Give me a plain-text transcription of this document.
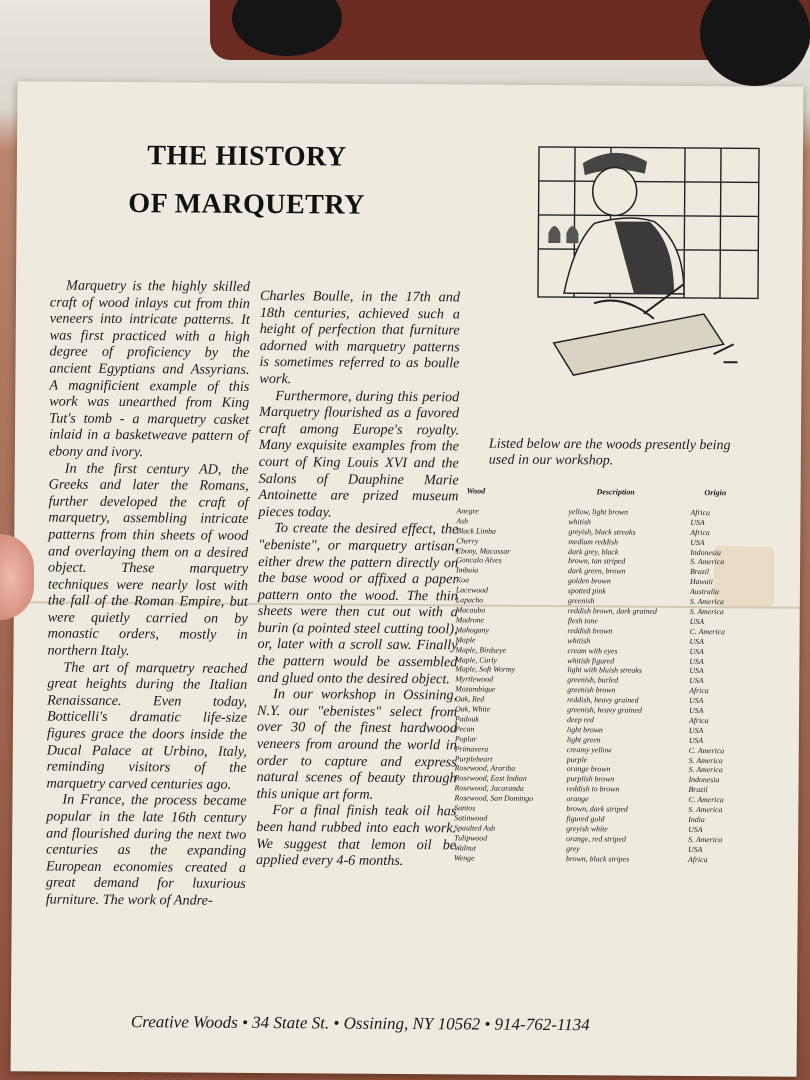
THE HISTORY
OF MARQUETRY

Marquetry is the highly skilled craft of wood inlays cut from thin veneers into intricate patterns. It was first practiced with a high degree of proficiency by the ancient Egyptians and Assyrians. A magnificient example of this work was unearthed from King Tut's tomb - a marquetry casket inlaid in a basketweave pattern of ebony and ivory.

In the first century AD, the Greeks and later the Romans, further developed the craft of marquetry, assembling intricate patterns from thin sheets of wood and overlaying them on a desired object. These marquetry techniques were nearly lost with the fall of the Roman Empire, but were quietly carried on by monastic orders, mostly in northern Italy.

The art of marquetry reached great heights during the Italian Renaissance. Even today, Botticelli's dramatic life-size figures grace the doors inside the Ducal Palace at Urbino, Italy, reminding visitors of the marquetry carved centuries ago.

In France, the process became popular in the late 16th century and flourished during the next two centuries as the expanding European economies created a great demand for luxurious furniture. The work of Andre-

Charles Boulle, in the 17th and 18th centuries, achieved such a height of perfection that furniture adorned with marquetry patterns is sometimes referred to as boulle work.

Furthermore, during this period Marquetry flourished as a favored craft among Europe's royalty. Many exquisite examples from the court of King Louis XVI and the Salons of Dauphine Marie Antoinette are prized museum pieces today.

To create the desired effect, the "ebeniste", or marquetry artisan, either drew the pattern directly on the base wood or affixed a paper pattern onto the wood. The thin sheets were then cut out with a burin (a pointed steel cutting tool), or, later with a scroll saw. Finally the pattern would be assembled and glued onto the desired object.

In our workshop in Ossining, N.Y. our "ebenistes" select from over 30 of the finest hardwood veneers from around the world in order to capture and express natural scenes of beauty through this unique art form.

For a final finish teak oil has been hand rubbed into each work. We suggest that lemon oil be applied every 4-6 months.

Listed below are the woods presently being used in our workshop.
Wood	Description	Origin
Anegre	yellow, light brown	Africa
Ash	whitish	USA
Black Limba	greyish, black streaks	Africa
Cherry	medium reddish	USA
Ebony, Macassar	dark grey, black	Indonesia
Goncalo Alves	brown, tan striped	S. America
Imbuia	dark green, brown	Brazil
Koa	golden brown	Hawaii
Lacewood	spotted pink	Australia
Lapacho	greenish	S. America
Macauba	reddish brown, dark grained	S. America
Madrone	flesh tone	USA
Mahogany	reddish brown	C. America
Maple	whitish	USA
Maple, Birdseye	cream with eyes	USA
Maple, Curly	whitish figured	USA
Maple, Soft Wormy	light with bluish streaks	USA
Myrtlewood	greenish, burled	USA
Mozambique	greenish brown	Africa
Oak, Red	reddish, heavy grained	USA
Oak, White	greenish, heavy grained	USA
Padouk	deep red	Africa
Pecan	light brown	USA
Poplar	light green	USA
Primavera	creamy yellow	C. America
Purpleheart	purple	S. America
Rosewood, Arariba	orange brown	S. America
Rosewood, East Indian	purplish brown	Indonesia
Rosewood, Jacaranda	reddish to brown	Brazil
Rosewood, San Domingo	orange	C. America
Santos	brown, dark striped	S. America
Satinwood	figured gold	India
Spaulted Ash	greyish white	USA
Tulipwood	orange, red striped	S. America
Walnut	grey	USA
Wenge	brown, black stripes	Africa
Creative Woods • 34 State St. • Ossining, NY 10562 • 914-762-1134
